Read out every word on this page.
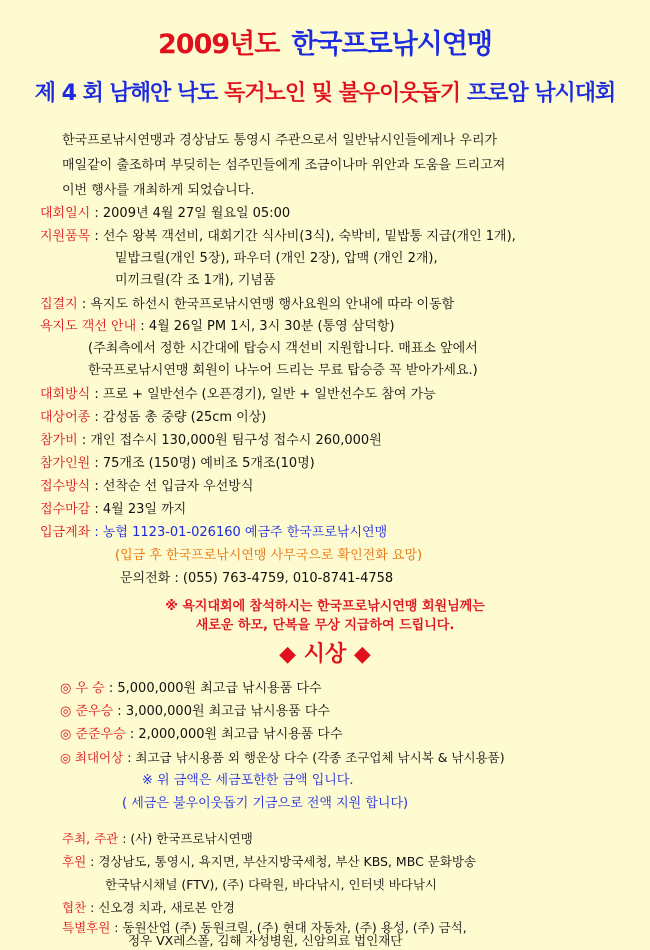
2009년도 한국프로낚시연맹
제 4 회 남해안 낙도 독거노인 및 불우이웃돕기 프로암 낚시대회
한국프로낚시연맹과 경상남도 통영시 주관으로서 일반낚시인들에게나 우리가
매일같이 출조하며 부딪히는 섬주민들에게 조금이나마 위안과 도움을 드리고져
이번 행사를 개최하게 되었습니다.
대회일시 : 2009년 4월 27일 월요일 05:00
지원품목 : 선수 왕복 객선비, 대회기간 식사비(3식), 숙박비, 밑밥통 지급(개인 1개),
밑밥크릴(개인 5장), 파우더 (개인 2장), 압맥 (개인 2개),
미끼크릴(각 조 1개), 기념품
집결지 : 욕지도 하선시 한국프로낚시연맹 행사요원의 안내에 따라 이동함
욕지도 객선 안내 : 4월 26일 PM 1시, 3시 30분 (통영 삼덕항)
(주최측에서 정한 시간대에 탑승시 객선비 지원합니다. 매표소 앞에서
한국프로낚시연맹 회원이 나누어 드리는 무료 탑승증 꼭 받아가세요.)
대회방식 : 프로 + 일반선수 (오픈경기), 일반 + 일반선수도 참여 가능
대상어종 : 감성돔 총 중량 (25cm 이상)
참가비 : 개인 접수시 130,000원 팀구성 접수시 260,000원
참가인원 : 75개조 (150명) 예비조 5개조(10명)
접수방식 : 선착순 선 입금자 우선방식
접수마감 : 4월 23일 까지
입금계좌 : 농협 1123-01-026160 예금주 한국프로낚시연맹
(입금 후 한국프로낚시연맹 사무국으로 확인전화 요망)
문의전화 : (055) 763-4759, 010-8741-4758
※ 욕지대회에 참석하시는 한국프로낚시연맹 회원님께는
새로운 하모, 단복을 무상 지급하여 드립니다.
◆ 시상 ◆
◎ 우 승 : 5,000,000원 최고급 낚시용품 다수
◎ 준우승 : 3,000,000원 최고급 낚시용품 다수
◎ 준준우승 : 2,000,000원 최고급 낚시용품 다수
◎ 최대어상 : 최고급 낚시용품 외 행운상 다수 (각종 조구업체 낚시복 & 낚시용품)
※ 위 금액은 세금포한한 금액 입니다.
( 세금은 불우이웃돕기 기금으로 전액 지원 합니다)
주최, 주관 : (사) 한국프로낚시연맹
후원 : 경상남도, 통영시, 욕지면, 부산지방국세청, 부산 KBS, MBC 문화방송
한국낚시채널 (FTV), (주) 다락원, 바다낚시, 인터넷 바다낚시
협찬 : 신오경 치과, 새로본 안경
특별후원 : 동원산업 (주) 동원크릴, (주) 현대 자동차, (주) 용성, (주) 금석,
정우 VX레스폴, 김해 자성병원, 신암의료 법인재단
